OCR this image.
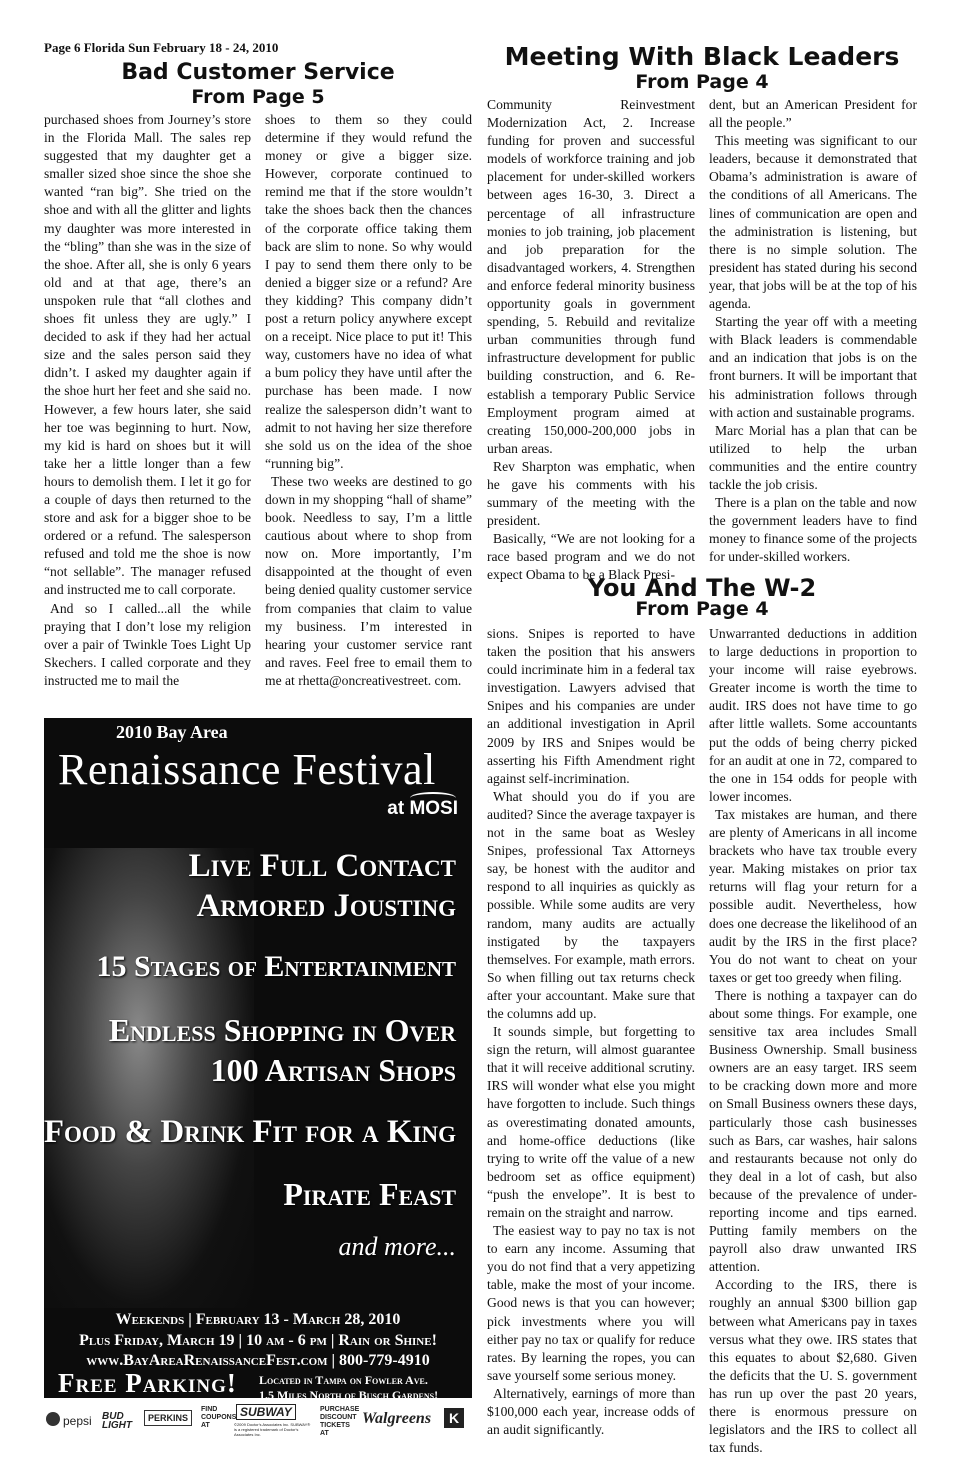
Page 6 Florida Sun February 18 - 24, 2010
Bad Customer Service
From Page 5

purchased shoes from Journey’s store in the Florida Mall. The sales rep suggested that my daughter get a smaller sized shoe since the shoe she wanted “ran big”. She tried on the shoe and with all the glitter and lights my daughter was more interested in the “bling” than she was in the size of the shoe. After all, she is only 6 years old and at that age, there’s an unspoken rule that “all clothes and shoes fit unless they are ugly.” I decided to ask if they had her actual size and the sales person said they didn’t. I asked my daughter again if the shoe hurt her feet and she said no. However, a few hours later, she said her toe was beginning to hurt. Now, my kid is hard on shoes but it will take her a little longer than a few hours to demolish them. I let it go for a couple of days then returned to the store and ask for a bigger shoe to be ordered or a refund. The salesperson refused and told me the shoe is now “not sellable”. The manager refused and instructed me to call corporate.

And so I called...all the while praying that I don’t lose my religion over a pair of Twinkle Toes Light Up Skechers. I called corporate and they instructed me to mail the

shoes to them so they could determine if they would refund the money or give a bigger size. However, corporate continued to remind me that if the store wouldn’t take the shoes back then the chances of the corporate office taking them back are slim to none. So why would I pay to send them there only to be denied a bigger size or a refund? Are they kidding? This company didn’t post a return policy anywhere except on a receipt. Nice place to put it! This way, customers have no idea of what a bum policy they have until after the purchase has been made. I now realize the salesperson didn’t want to admit to not having her size therefore she sold us on the idea of the shoe “running big”.

These two weeks are destined to go down in my shopping “hall of shame” book. Needless to say, I’m a little cautious about where to shop from now on. More importantly, I’m disappointed at the thought of even being denied quality customer service from companies that claim to value my business. I’m interested in hearing your customer service rant and raves. Feel free to email them to me at rhetta@oncreativestreet. com.

Meeting With Black Leaders
From Page 4

Community Reinvestment Modernization Act, 2. Increase funding for proven and successful models of workforce training and job placement for under-skilled workers between ages 16-30, 3. Direct a percentage of all infrastructure monies to job training, job placement and job preparation for the disadvantaged workers, 4. Strengthen and enforce federal minority business opportunity goals in government spending, 5. Rebuild and revitalize urban communities through fund infrastructure development for public building construction, and 6. Re-establish a temporary Public Service Employment program aimed at creating 150,000-200,000 jobs in urban areas.

Rev Sharpton was emphatic, when he gave his comments with his summary of the meeting with the president.

Basically, “We are not looking for a race based program and we do not expect Obama to be a Black Presi-

dent, but an American President for all the people.”

This meeting was significant to our leaders, because it demonstrated that Obama’s administration is aware of the conditions of all Americans. The lines of communication are open and the administration is listening, but there is no simple solution. The president has stated during his second year, that jobs will be at the top of his agenda.

Starting the year off with a meeting with Black leaders is commendable and an indication that jobs is on the front burners. It will be important that his administration follows through with action and sustainable programs.

Marc Morial has a plan that can be utilized to help the urban communities and the entire country tackle the job crisis.

There is a plan on the table and now the government leaders have to find money to finance some of the projects for under-skilled workers.

You And The W-2
From Page 4

sions. Snipes is reported to have taken the position that his answers could incriminate him in a federal tax investigation. Lawyers advised that Snipes and his companies are under an additional investigation in April 2009 by IRS and Snipes would be asserting his Fifth Amendment right against self-incrimination.

What should you do if you are audited? Since the average taxpayer is not in the same boat as Wesley Snipes, professional Tax Attorneys say, be honest with the auditor and respond to all inquiries as quickly as possible. While some audits are very random, many audits are actually instigated by the taxpayers themselves. For example, math errors. So when filling out tax returns check after your accountant. Make sure that the columns add up.

It sounds simple, but forgetting to sign the return, will almost guarantee that it will receive additional scrutiny. IRS will wonder what else you might have forgotten to include. Such things as overestimating donated amounts, and home-office deductions (like trying to write off the value of a new bedroom set as office equipment) “push the envelope”. It is best to remain on the straight and narrow.

The easiest way to pay no tax is not to earn any income. Assuming that you do not find that a very appetizing table, make the most of your income. Good news is that you can however; pick investments where you will either pay no tax or qualify for reduce rates. By learning the ropes, you can save yourself some serious money.

Alternatively, earnings of more than $100,000 each year, increase odds of an audit significantly.

Unwarranted deductions in addition to large deductions in proportion to your income will raise eyebrows. Greater income is worth the time to audit. IRS does not have time to go after little wallets. Some accountants put the odds of being cherry picked for an audit at one in 72, compared to the one in 154 odds for people with lower incomes.

Tax mistakes are human, and there are plenty of Americans in all income brackets who have tax trouble every year. Making mistakes on prior tax returns will flag your return for a possible audit. Nevertheless, how does one decrease the likelihood of an audit by the IRS in the first place? You do not want to cheat on your taxes or get too greedy when filing.

There is nothing a taxpayer can do about some things. For example, one sensitive tax area includes Small Business Ownership. Small business owners are an easy target. IRS seem to be cracking down more and more on Small Business owners these days, particularly those cash businesses such as Bars, car washes, hair salons and restaurants because not only do they deal in a lot of cash, but also because of the prevalence of under-reporting income and tips earned. Putting family members on the payroll also draw unwanted IRS attention.

According to the IRS, there is roughly an annual $300 billion gap between what Americans pay in taxes versus what they owe. IRS states that this equates to about $2,680. Given the deficits that the U. S. government has run up over the past 20 years, there is enormous pressure on legislators and the IRS to collect all tax funds.

2010 Bay Area
Renaissance Festival
at MOSI
Live Full Contact
Armored Jousting
15 Stages of Entertainment
Endless Shopping in Over
100 Artisan Shops
Food & Drink Fit for a King
Pirate Feast
and more...
Weekends | February 13 - March 28, 2010
Plus Friday, March 19 | 10 am - 6 pm | Rain or Shine!
www.BayAreaRenaissanceFest.com | 800-779-4910
Free Parking! Located in Tampa on Fowler Ave.
1.5 Miles North of Busch Gardens!
pepsi BUD LIGHT
PERKINS
FIND COUPONS AT
SUBWAY
©2009 Doctor's Associates Inc. SUBWAY® is a registered trademark of Doctor's Associates Inc.
PURCHASE DISCOUNT TICKETS AT
Walgreens	K
